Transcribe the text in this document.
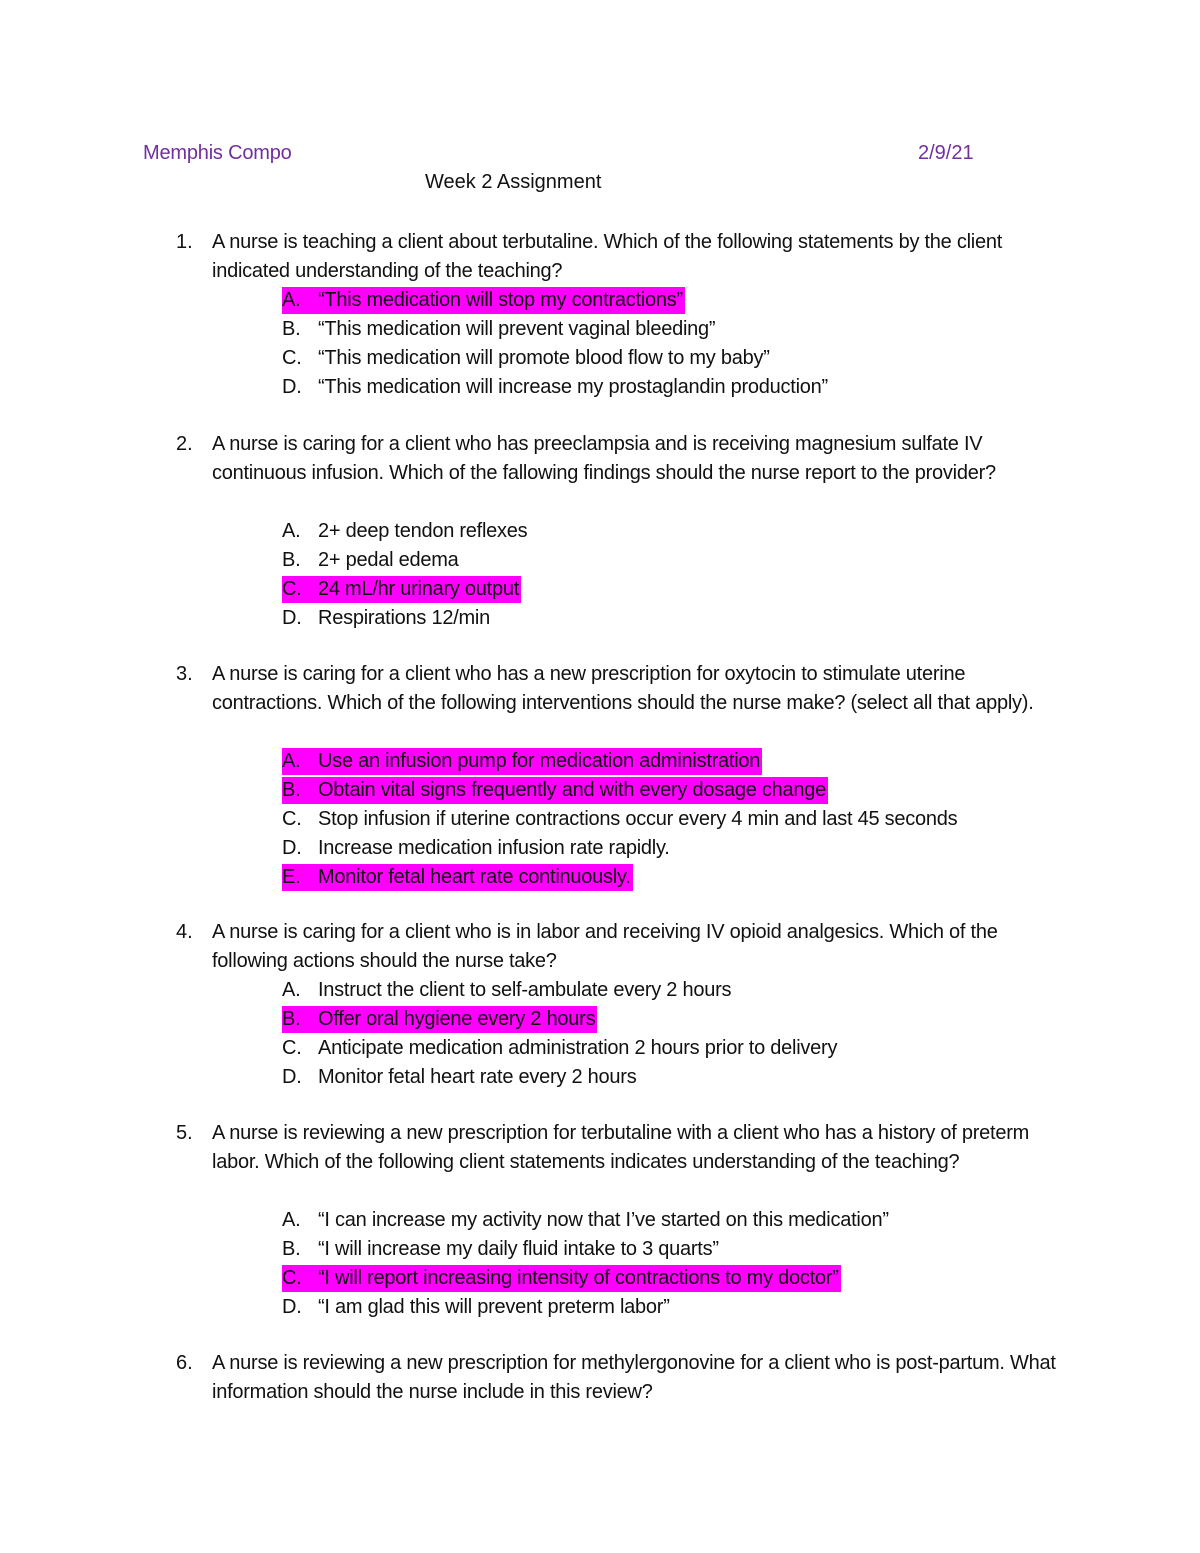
Memphis Compo	2/9/21
Week 2 Assignment
1. A nurse is teaching a client about terbutaline. Which of the following statements by the client indicated understanding of the teaching?
A. “This medication will stop my contractions”
B. “This medication will prevent vaginal bleeding”
C. “This medication will promote blood flow to my baby”
D. “This medication will increase my prostaglandin production”
2. A nurse is caring for a client who has preeclampsia and is receiving magnesium sulfate IV continuous infusion. Which of the fallowing findings should the nurse report to the provider?
A. 2+ deep tendon reflexes
B. 2+ pedal edema
C. 24 mL/hr urinary output
D. Respirations 12/min
3. A nurse is caring for a client who has a new prescription for oxytocin to stimulate uterine contractions. Which of the following interventions should the nurse make? (select all that apply).
A. Use an infusion pump for medication administration
B. Obtain vital signs frequently and with every dosage change
C. Stop infusion if uterine contractions occur every 4 min and last 45 seconds
D. Increase medication infusion rate rapidly.
E. Monitor fetal heart rate continuously.
4. A nurse is caring for a client who is in labor and receiving IV opioid analgesics. Which of the following actions should the nurse take?
A. Instruct the client to self-ambulate every 2 hours
B. Offer oral hygiene every 2 hours
C. Anticipate medication administration 2 hours prior to delivery
D. Monitor fetal heart rate every 2 hours
5. A nurse is reviewing a new prescription for terbutaline with a client who has a history of preterm labor. Which of the following client statements indicates understanding of the teaching?
A. “I can increase my activity now that I’ve started on this medication”
B. “I will increase my daily fluid intake to 3 quarts”
C. “I will report increasing intensity of contractions to my doctor”
D. “I am glad this will prevent preterm labor”
6. A nurse is reviewing a new prescription for methylergonovine for a client who is post-partum. What information should the nurse include in this review?
